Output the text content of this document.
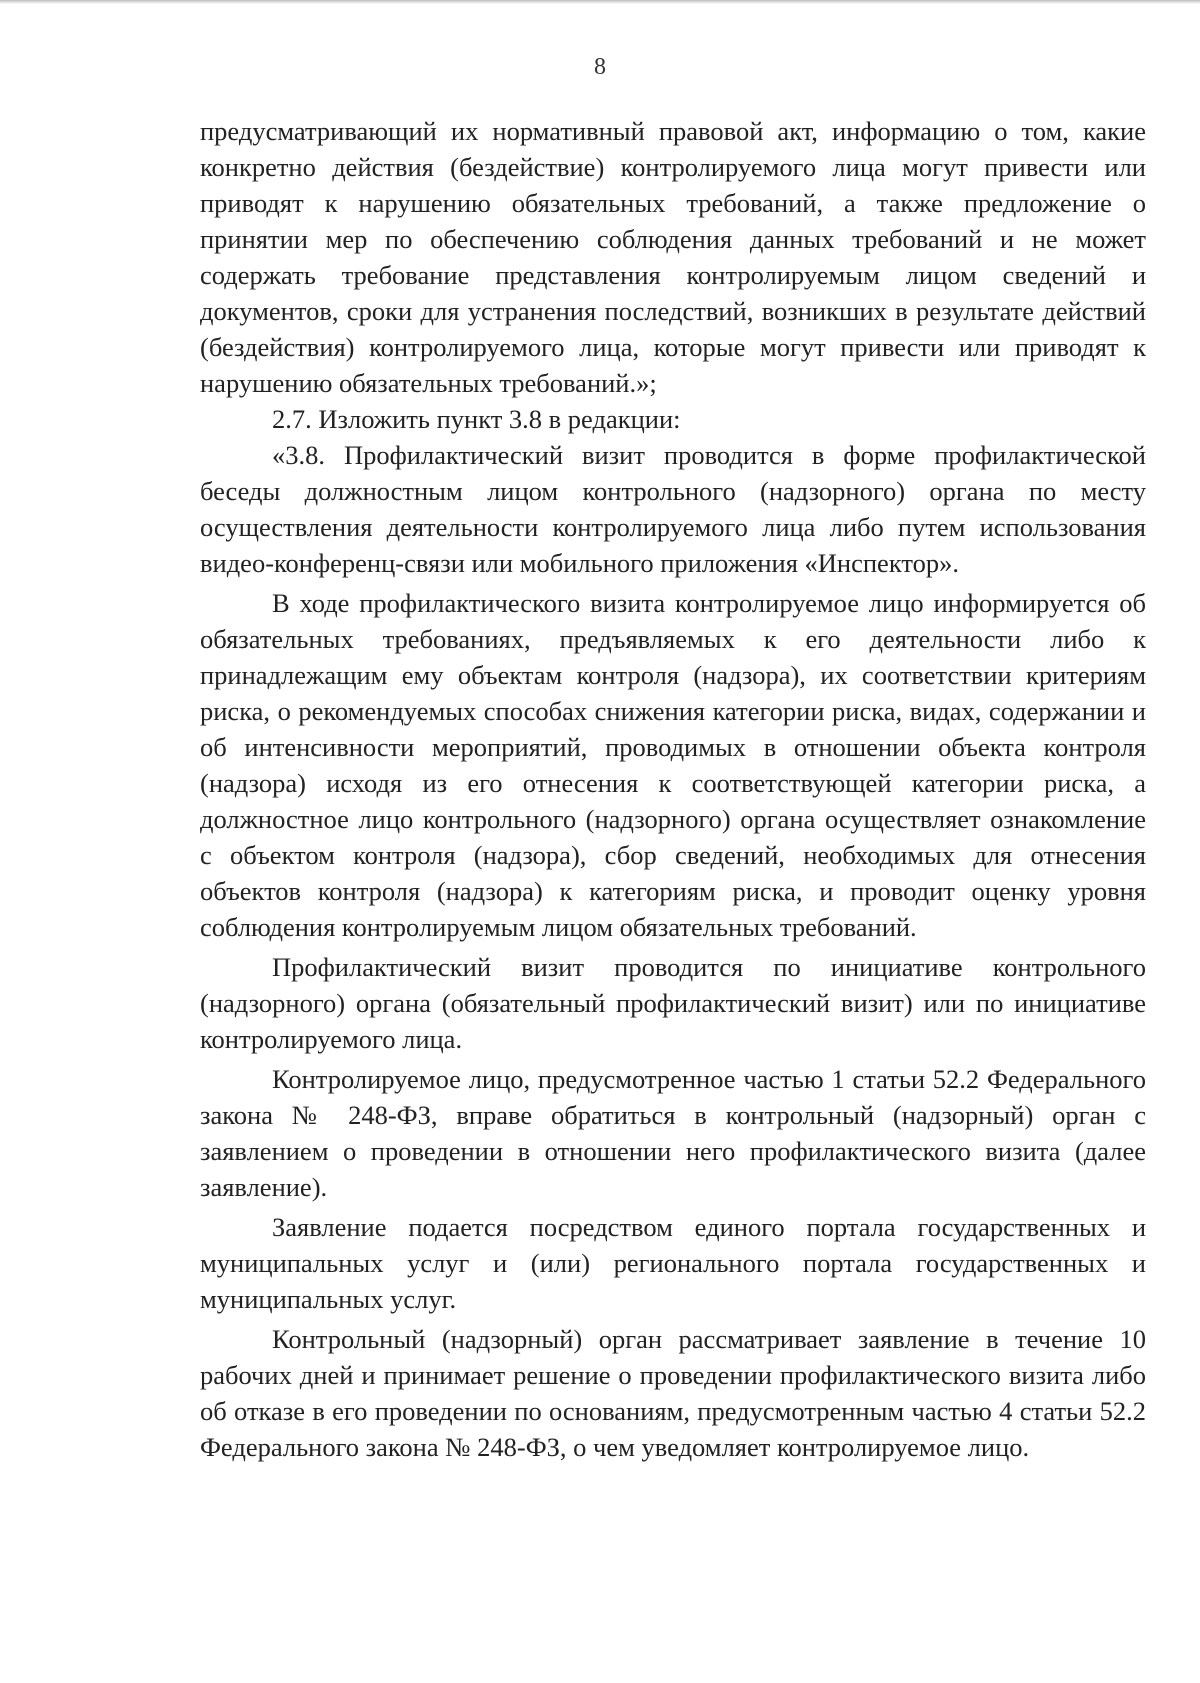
8

предусматривающий их нормативный правовой акт, информацию о том, какие конкретно действия (бездействие) контролируемого лица могут привести или приводят к нарушению обязательных требований, а также предложение о принятии мер по обеспечению соблюдения данных требований и не может содержать требование представления контролируемым лицом сведений и документов, сроки для устранения последствий, возникших в результате действий (бездействия) контролируемого лица, которые могут привести или приводят к нарушению обязательных требований.»;

2.7. Изложить пункт 3.8 в редакции:

«3.8. Профилактический визит проводится в форме профилактической беседы должностным лицом контрольного (надзорного) органа по месту осуществления деятельности контролируемого лица либо путем использования видео-конференц-связи или мобильного приложения «Инспектор».

В ходе профилактического визита контролируемое лицо информируется об обязательных требованиях, предъявляемых к его деятельности либо к принадлежащим ему объектам контроля (надзора), их соответствии критериям риска, о рекомендуемых способах снижения категории риска, видах, содержании и об интенсивности мероприятий, проводимых в отношении объекта контроля (надзора) исходя из его отнесения к соответствующей категории риска, а должностное лицо контрольного (надзорного) органа осуществляет ознакомление с объектом контроля (надзора), сбор сведений, необходимых для отнесения объектов контроля (надзора) к категориям риска, и проводит оценку уровня соблюдения контролируемым лицом обязательных требований.

Профилактический визит проводится по инициативе контрольного (надзорного) органа (обязательный профилактический визит) или по инициативе контролируемого лица.

Контролируемое лицо, предусмотренное частью 1 статьи 52.2 Федерального закона № 248-ФЗ, вправе обратиться в контрольный (надзорный) орган с заявлением о проведении в отношении него профилактического визита (далее заявление).

Заявление подается посредством единого портала государственных и муниципальных услуг и (или) регионального портала государственных и муниципальных услуг.

Контрольный (надзорный) орган рассматривает заявление в течение 10 рабочих дней и принимает решение о проведении профилактического визита либо об отказе в его проведении по основаниям, предусмотренным частью 4 статьи 52.2 Федерального закона № 248-ФЗ, о чем уведомляет контролируемое лицо.
